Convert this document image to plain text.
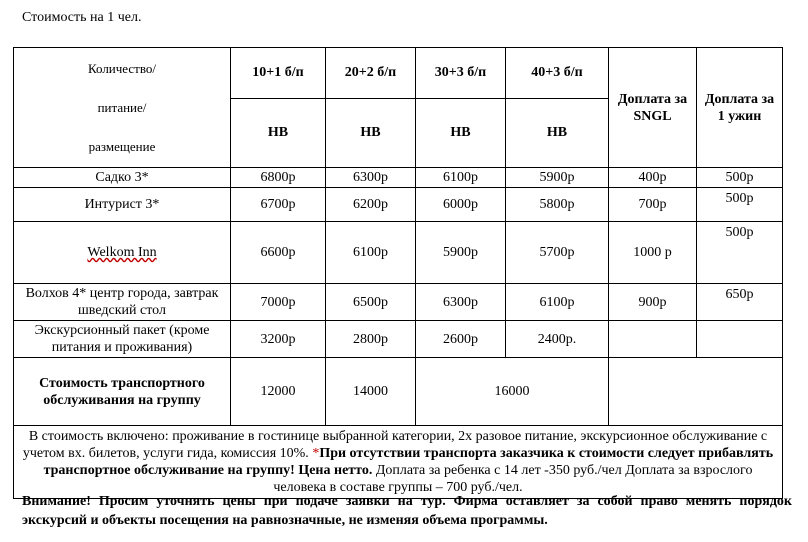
Стоимость на 1 чел.
Количество/
питание/
размещение	10+1 б/п	20+2 б/п	30+3 б/п	40+3 б/п	Доплата за SNGL	Доплата за 1 ужин
	НВ	НВ	НВ	НВ		
Садко 3*	6800р	6300р	6100р	5900р	400р	500р
Интурист 3*	6700р	6200р	6000р	5800р	700р	500р
Welkom Inn	6600р	6100р	5900р	5700р	1000 р	500р
Волхов 4* центр города, завтрак шведский стол	7000р	6500р	6300р	6100р	900р	650р
Экскурсионный пакет (кроме питания и проживания)	3200р	2800р	2600р	2400р.		
Стоимость транспортного обслуживания на группу	12000	14000	16000			
В стоимость включено: проживание в гостинице выбранной категории, 2х разовое питание, экскурсионное обслуживание с учетом вх. билетов, услуги гида, комиссия 10%. *При отсутствии транспорта заказчика к стоимости следует прибавлять транспортное обслуживание на группу! Цена нетто. Доплата за ребенка с 14 лет -350 руб./чел Доплата за взрослого человека в составе группы – 700 руб./чел.						
Внимание! Просим уточнять цены при подаче заявки на тур. Фирма оставляет за собой право менять порядок экскурсий и объекты посещения на равнозначные, не изменяя объема программы.
